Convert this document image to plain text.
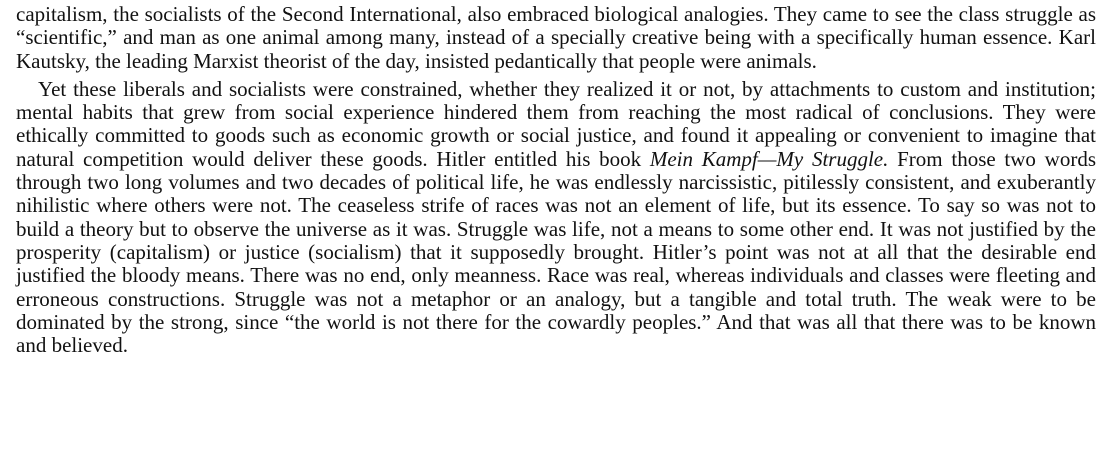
capitalism, the socialists of the Second International, also embraced biological analogies. They came to see the class struggle as “scientific,” and man as one animal among many, instead of a specially creative being with a specifically human essence. Karl Kautsky, the leading Marxist theorist of the day, insisted pedantically that people were animals.

Yet these liberals and socialists were constrained, whether they realized it or not, by attachments to custom and institution; mental habits that grew from social experience hindered them from reaching the most radical of conclusions. They were ethically committed to goods such as economic growth or social justice, and found it appealing or convenient to imagine that natural competition would deliver these goods. Hitler entitled his book Mein Kampf—My Struggle. From those two words through two long volumes and two decades of political life, he was endlessly narcissistic, pitilessly consistent, and exuberantly nihilistic where others were not. The ceaseless strife of races was not an element of life, but its essence. To say so was not to build a theory but to observe the universe as it was. Struggle was life, not a means to some other end. It was not justified by the prosperity (capitalism) or justice (socialism) that it supposedly brought. Hitler’s point was not at all that the desirable end justified the bloody means. There was no end, only meanness. Race was real, whereas individuals and classes were fleeting and erroneous constructions. Struggle was not a metaphor or an analogy, but a tangible and total truth. The weak were to be dominated by the strong, since “the world is not there for the cowardly peoples.” And that was all that there was to be known and believed.
